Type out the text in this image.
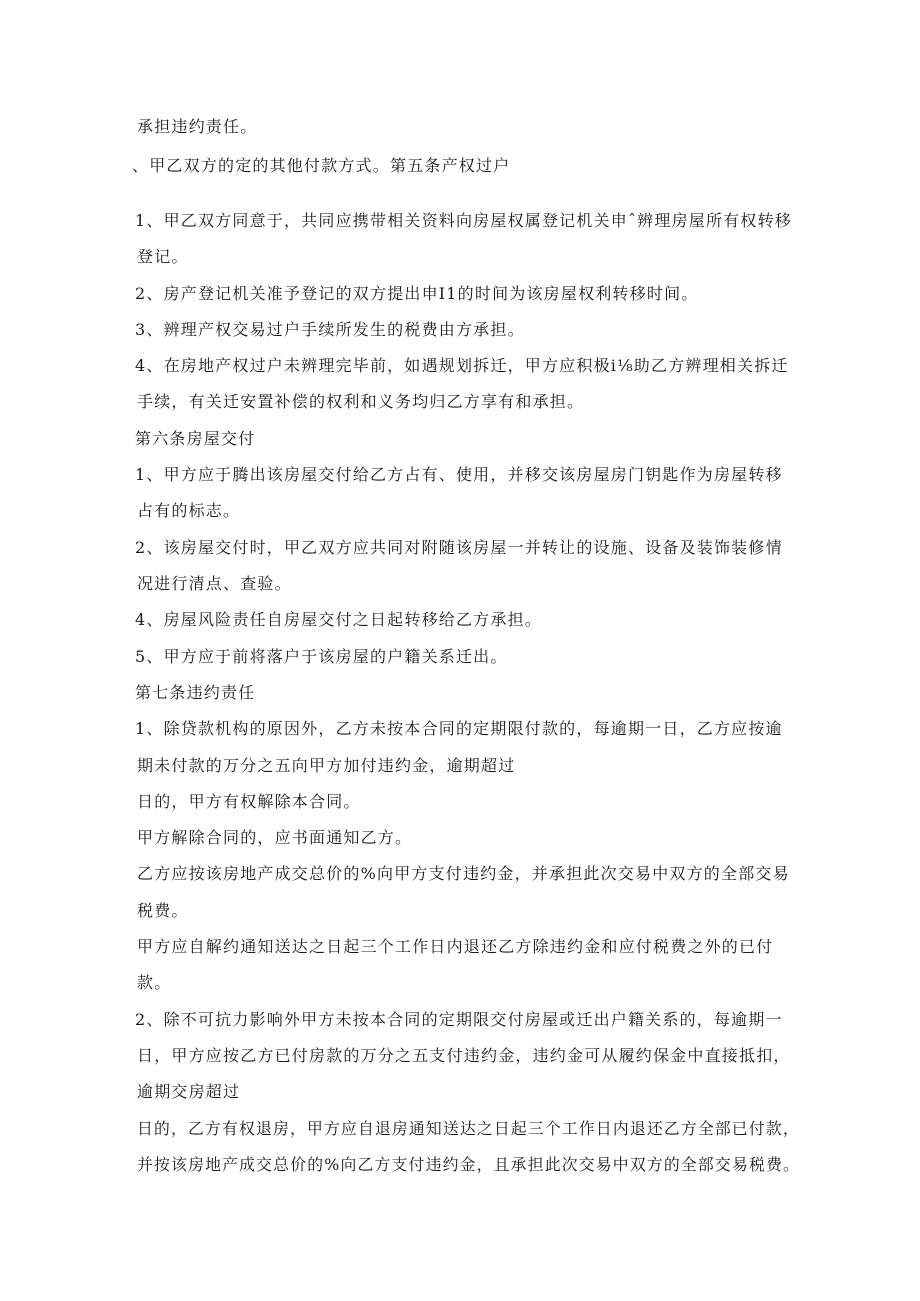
承担违约责任。
、甲乙双方的定的其他付款方式。第五条产权过户
1、甲乙双方同意于，共同应携带相关资料向房屋权属登记机关申ˆ辨理房屋所有权转移
登记。
2、房产登记机关准予登记的双方提出申I1的时间为该房屋权利转移时间。
3、辨理产权交易过户手续所发生的税费由方承担。
4、在房地产权过户未辨理完毕前，如遇规划拆迁，甲方应积极i⅛助乙方辨理相关拆迁
手续，有关迁安置补偿的权利和义务均归乙方享有和承担。
第六条房屋交付
1、甲方应于腾出该房屋交付给乙方占有、使用，并移交该房屋房门钥匙作为房屋转移
占有的标志。
2、该房屋交付时，甲乙双方应共同对附随该房屋一并转让的设施、设备及装饰装修情
况进行清点、查验。
4、房屋风险责任自房屋交付之日起转移给乙方承担。
5、甲方应于前将落户于该房屋的户籍关系迁出。
第七条违约责任
1、除贷款机构的原因外，乙方未按本合同的定期限付款的，每逾期一日，乙方应按逾
期未付款的万分之五向甲方加付违约金，逾期超过
日的，甲方有权解除本合同。
甲方解除合同的，应书面通知乙方。
乙方应按该房地产成交总价的%向甲方支付违约金，并承担此次交易中双方的全部交易
税费。
甲方应自解约通知送达之日起三个工作日内退还乙方除违约金和应付税费之外的已付
款。
2、除不可抗力影响外甲方未按本合同的定期限交付房屋或迁出户籍关系的，每逾期一
日，甲方应按乙方已付房款的万分之五支付违约金，违约金可从履约保金中直接抵扣，
逾期交房超过
日的，乙方有权退房，甲方应自退房通知送达之日起三个工作日内退还乙方全部已付款，
并按该房地产成交总价的%向乙方支付违约金，且承担此次交易中双方的全部交易税费。
